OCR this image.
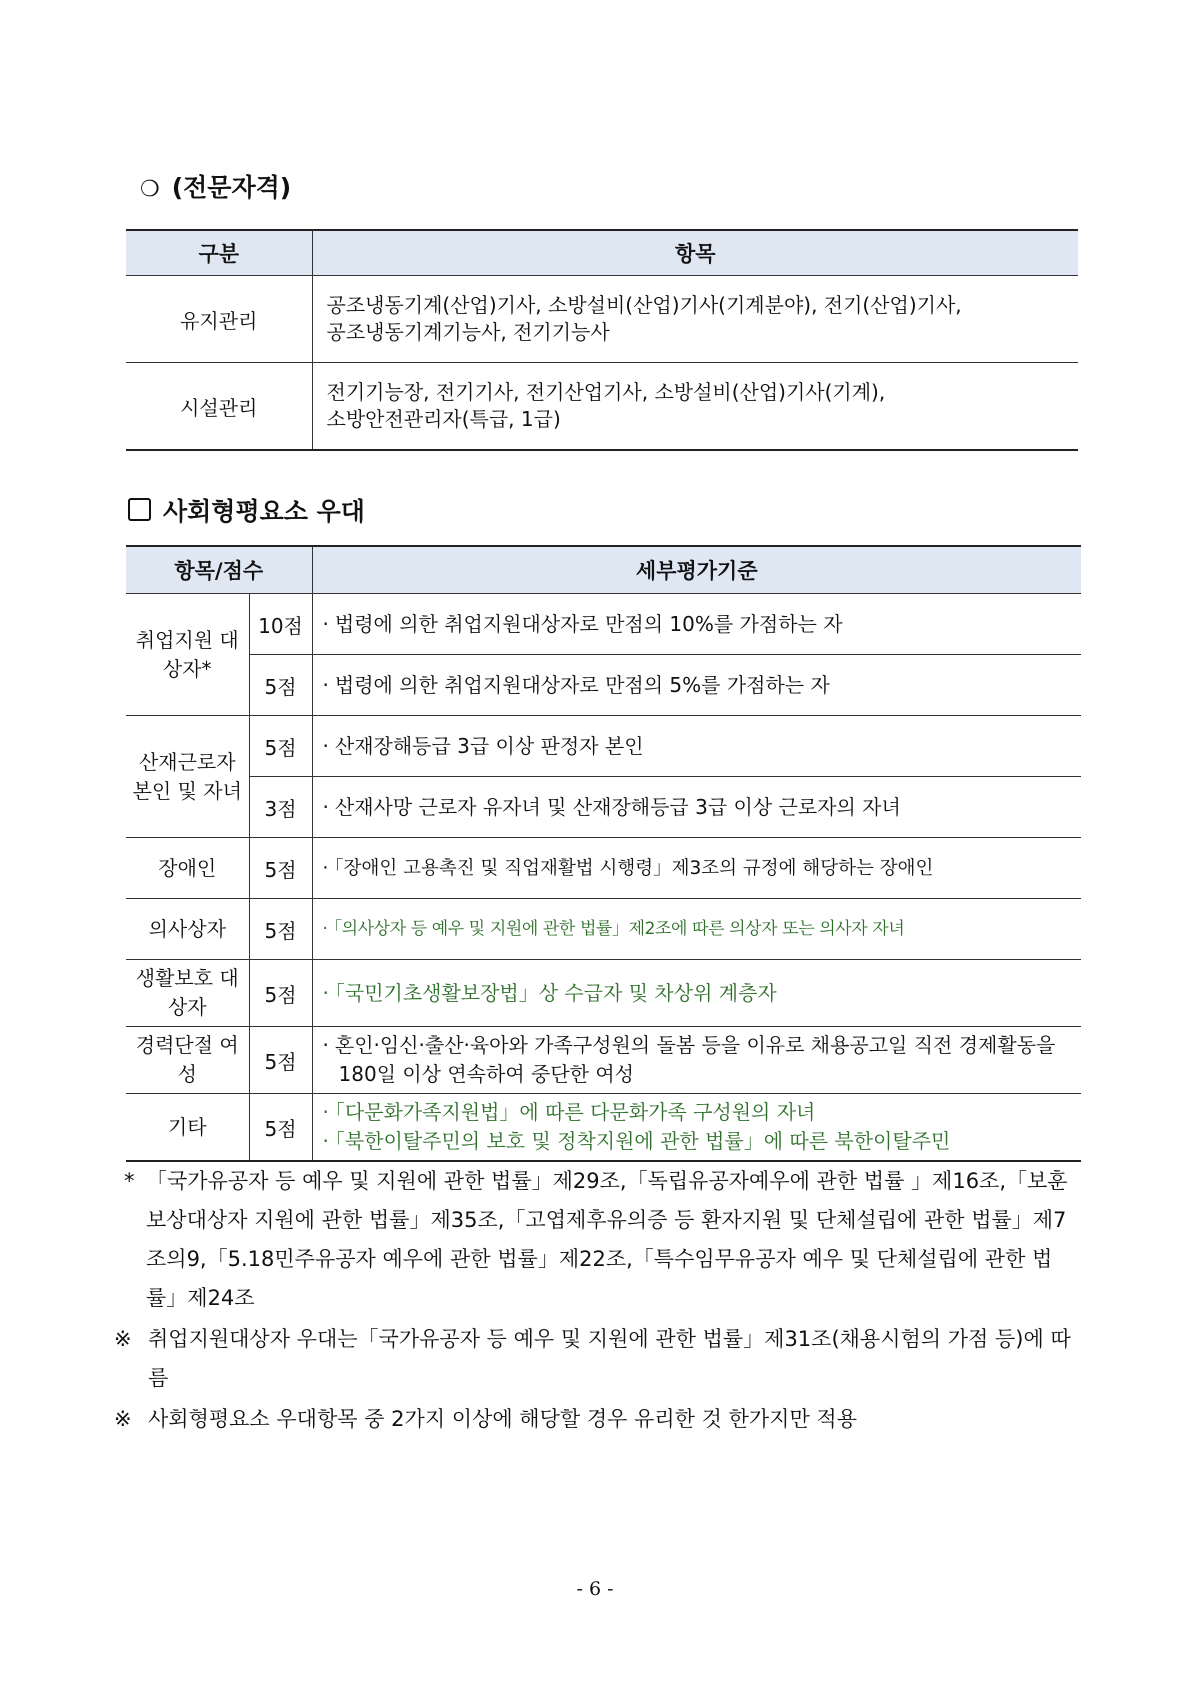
❍ (전문자격)
구분	항목
유지관리	공조냉동기계(산업)기사, 소방설비(산업)기사(기계분야), 전기(산업)기사,
공조냉동기계기능사, 전기기능사

시설관리	전기기능장, 전기기사, 전기산업기사, 소방설비(산업)기사(기계),
소방안전관리자(특급, 1급)
사회형평요소 우대
항목/점수		세부평가기준
취업지원 대상자*	10점	· 법령에 의한 취업지원대상자로 만점의 10%를 가점하는 자
	5점	· 법령에 의한 취업지원대상자로 만점의 5%를 가점하는 자
산재근로자 본인 및 자녀	5점	· 산재장해등급 3급 이상 판정자 본인
	3점	· 산재사망 근로자 유자녀 및 산재장해등급 3급 이상 근로자의 자녀
장애인	5점	· 「장애인 고용촉진 및 직업재활법 시행령」제3조의 규정에 해당하는 장애인
의사상자	5점	· 「의사상자 등 예우 및 지원에 관한 법률」제2조에 따른 의상자 또는 의사자 자녀
생활보호 대상자	5점	· 「국민기초생활보장법」상 수급자 및 차상위 계층자
경력단절 여성	5점	· 혼인·임신·출산·육아와 가족구성원의 돌봄 등을 이유로 채용공고일 직전 경제활동을 180일 이상 연속하여 중단한 여성
기타	5점	· 「다문화가족지원법」에 따른 다문화가족 구성원의 자녀
· 「북한이탈주민의 보호 및 정착지원에 관한 법률」에 따른 북한이탈주민
* 「국가유공자 등 예우 및 지원에 관한 법률」제29조,「독립유공자예우에 관한 법률 」제16조,「보훈보상대상자 지원에 관한 법률」제35조,「고엽제후유의증 등 환자지원 및 단체설립에 관한 법률」제7조의9,「5.18민주유공자 예우에 관한 법률」제22조,「특수임무유공자 예우 및 단체설립에 관한 법률」제24조
※ 취업지원대상자 우대는「국가유공자 등 예우 및 지원에 관한 법률」제31조(채용시험의 가점 등)에 따름
※ 사회형평요소 우대항목 중 2가지 이상에 해당할 경우 유리한 것 한가지만 적용
- 6 -
